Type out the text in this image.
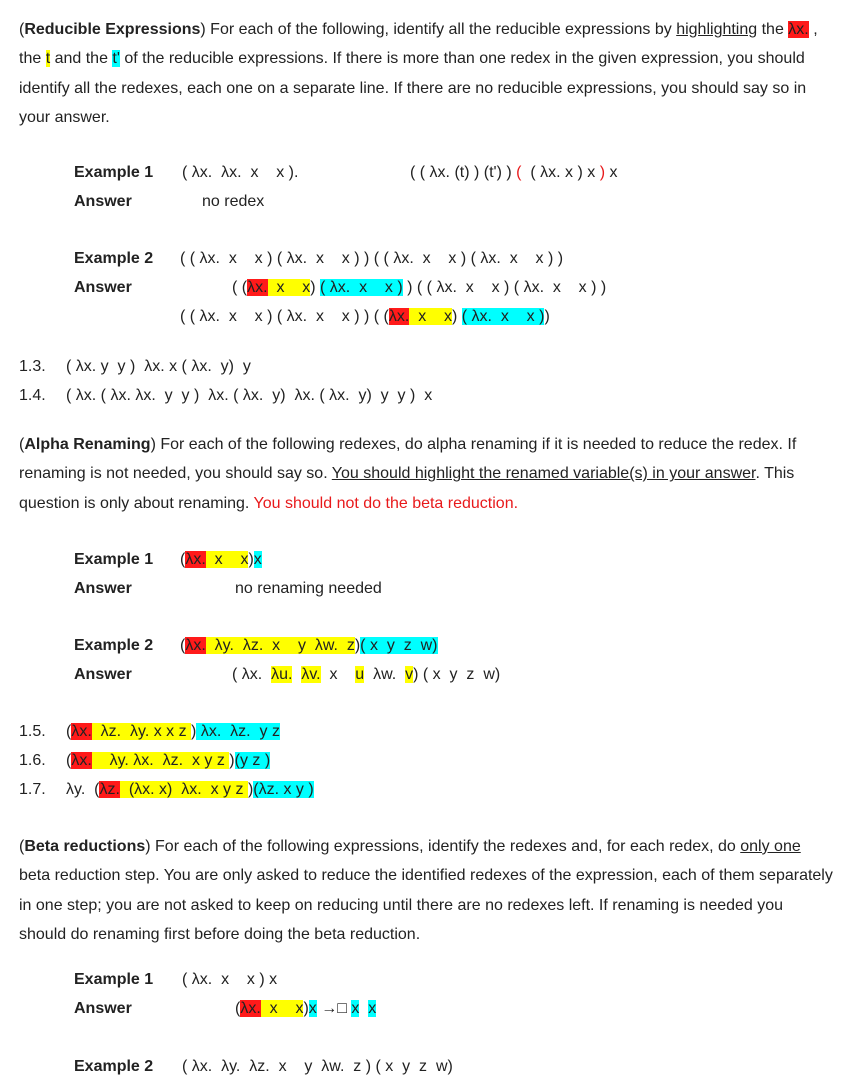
(Reducible Expressions) For each of the following, identify all the reducible expressions by highlighting the λx. , the t and the t' of the reducible expressions. If there is more than one redex in the given expression, you should identify all the redexes, each one on a separate line. If there are no reducible expressions, you should say so in your answer.
Example 1 ( λx.  λx.  x    x ).	( ( λx. (t) ) (t') ) (  ( λx. x ) x ) x
Answer	no redex
Example 2 ( ( λx.  x    x ) ( λx.  x    x ) ) ( ( λx.  x    x ) ( λx.  x    x ) )
Answer	( (λx.  x    x) ( λx.  x    x ) ) ( ( λx.  x    x ) ( λx.  x    x ) )
( ( λx.  x    x ) ( λx.  x    x ) ) ( (λx.  x    x) ( λx.  x    x ))
1.3. ( λx. y  y )  λx. x ( λx.  y)  y
1.4. ( λx. ( λx. λx.  y  y )  λx. ( λx.  y)  λx. ( λx.  y)  y  y )  x
(Alpha Renaming) For each of the following redexes, do alpha renaming if it is needed to reduce the redex. If renaming is not needed, you should say so. You should highlight the renamed variable(s) in your answer. This question is only about renaming. You should not do the beta reduction.
Example 1 (λx.  x    x)x
Answer	no renaming needed
Example 2 (λx.  λy.  λz.  x    y  λw.  z)( x  y  z  w)
Answer	( λx.  λu. λv.  x    u  λw.  v) ( x  y  z  w)
1.5. (λx.  λz.  λy. x x z ) λx.  λz.  y z
1.6. (λx.    λy. λx.  λz.  x y z )(y z )
1.7. λy.  (λz.  (λx. x)  λx.  x y z )(λz. x y )
(Beta reductions) For each of the following expressions, identify the redexes and, for each redex, do only one beta reduction step. You are only asked to reduce the identified redexes of the expression, each of them separately in one step; you are not asked to keep on reducing until there are no redexes left. If renaming is needed you should do renaming first before doing the beta reduction.
Example 1 ( λx.  x    x ) x
Answer	(λx.  x    x)x →□ x x
Example 2 ( λx.  λy.  λz.  x    y  λw.  z ) ( x  y  z  w)
